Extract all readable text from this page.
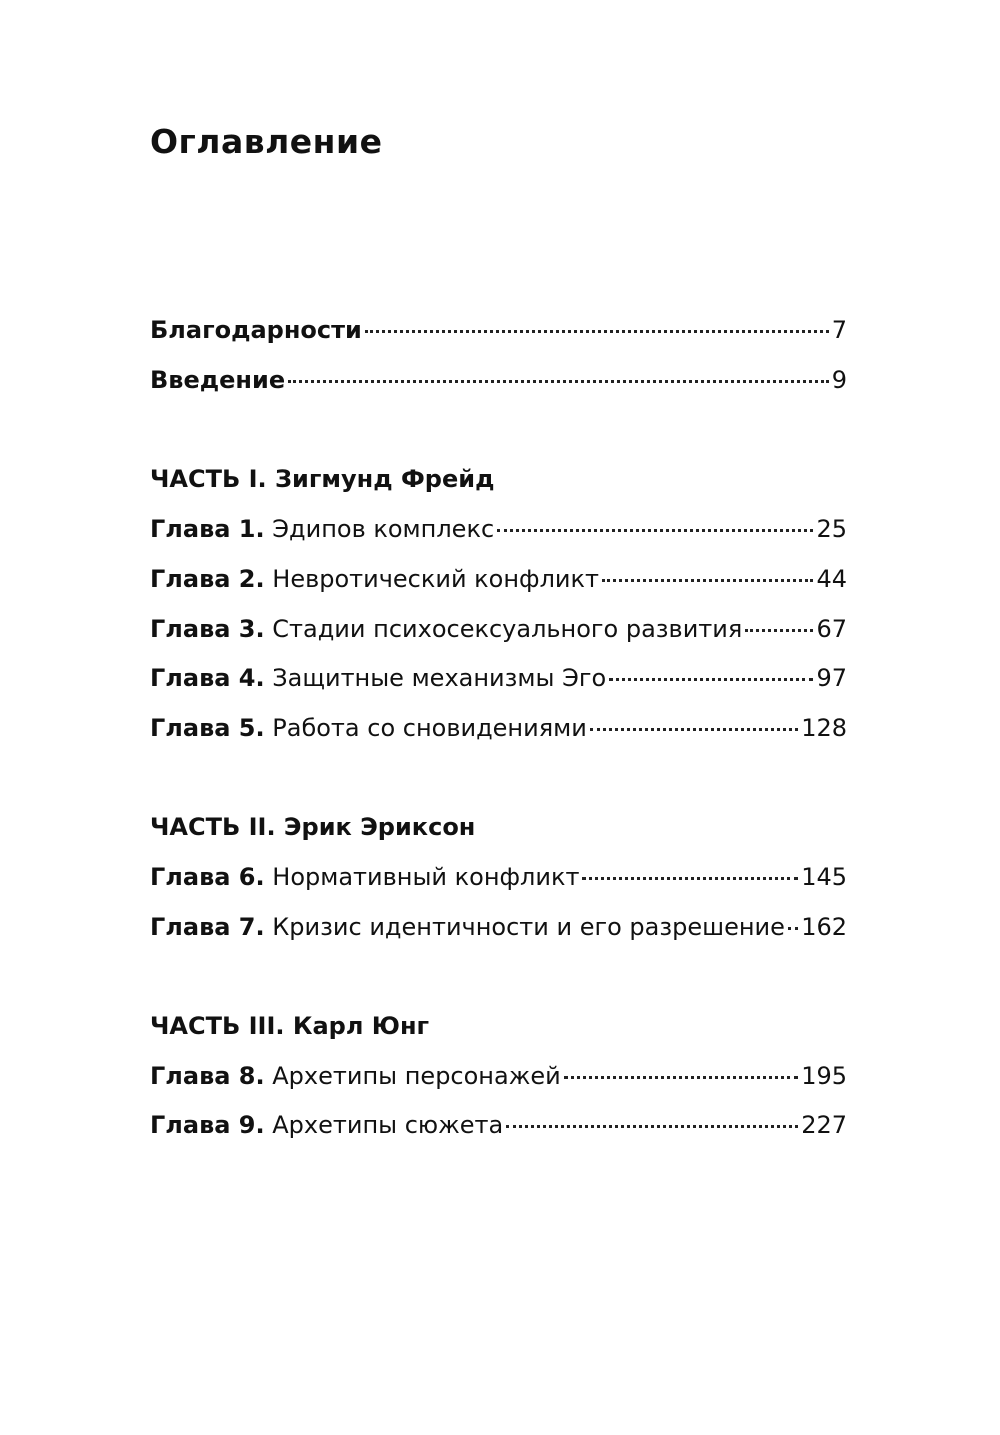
Оглавление
Благодарности	7
Введение	9
ЧАСТЬ I. Зигмунд Фрейд
Глава 1. Эдипов комплекс	25
Глава 2. Невротический конфликт	44
Глава 3. Стадии психосексуального развития	67
Глава 4. Защитные механизмы Эго	97
Глава 5. Работа со сновидениями	128
ЧАСТЬ II. Эрик Эриксон
Глава 6. Нормативный конфликт	145
Глава 7. Кризис идентичности и его разрешение 162
ЧАСТЬ III. Карл Юнг
Глава 8. Архетипы персонажей	195
Глава 9. Архетипы сюжета	227
